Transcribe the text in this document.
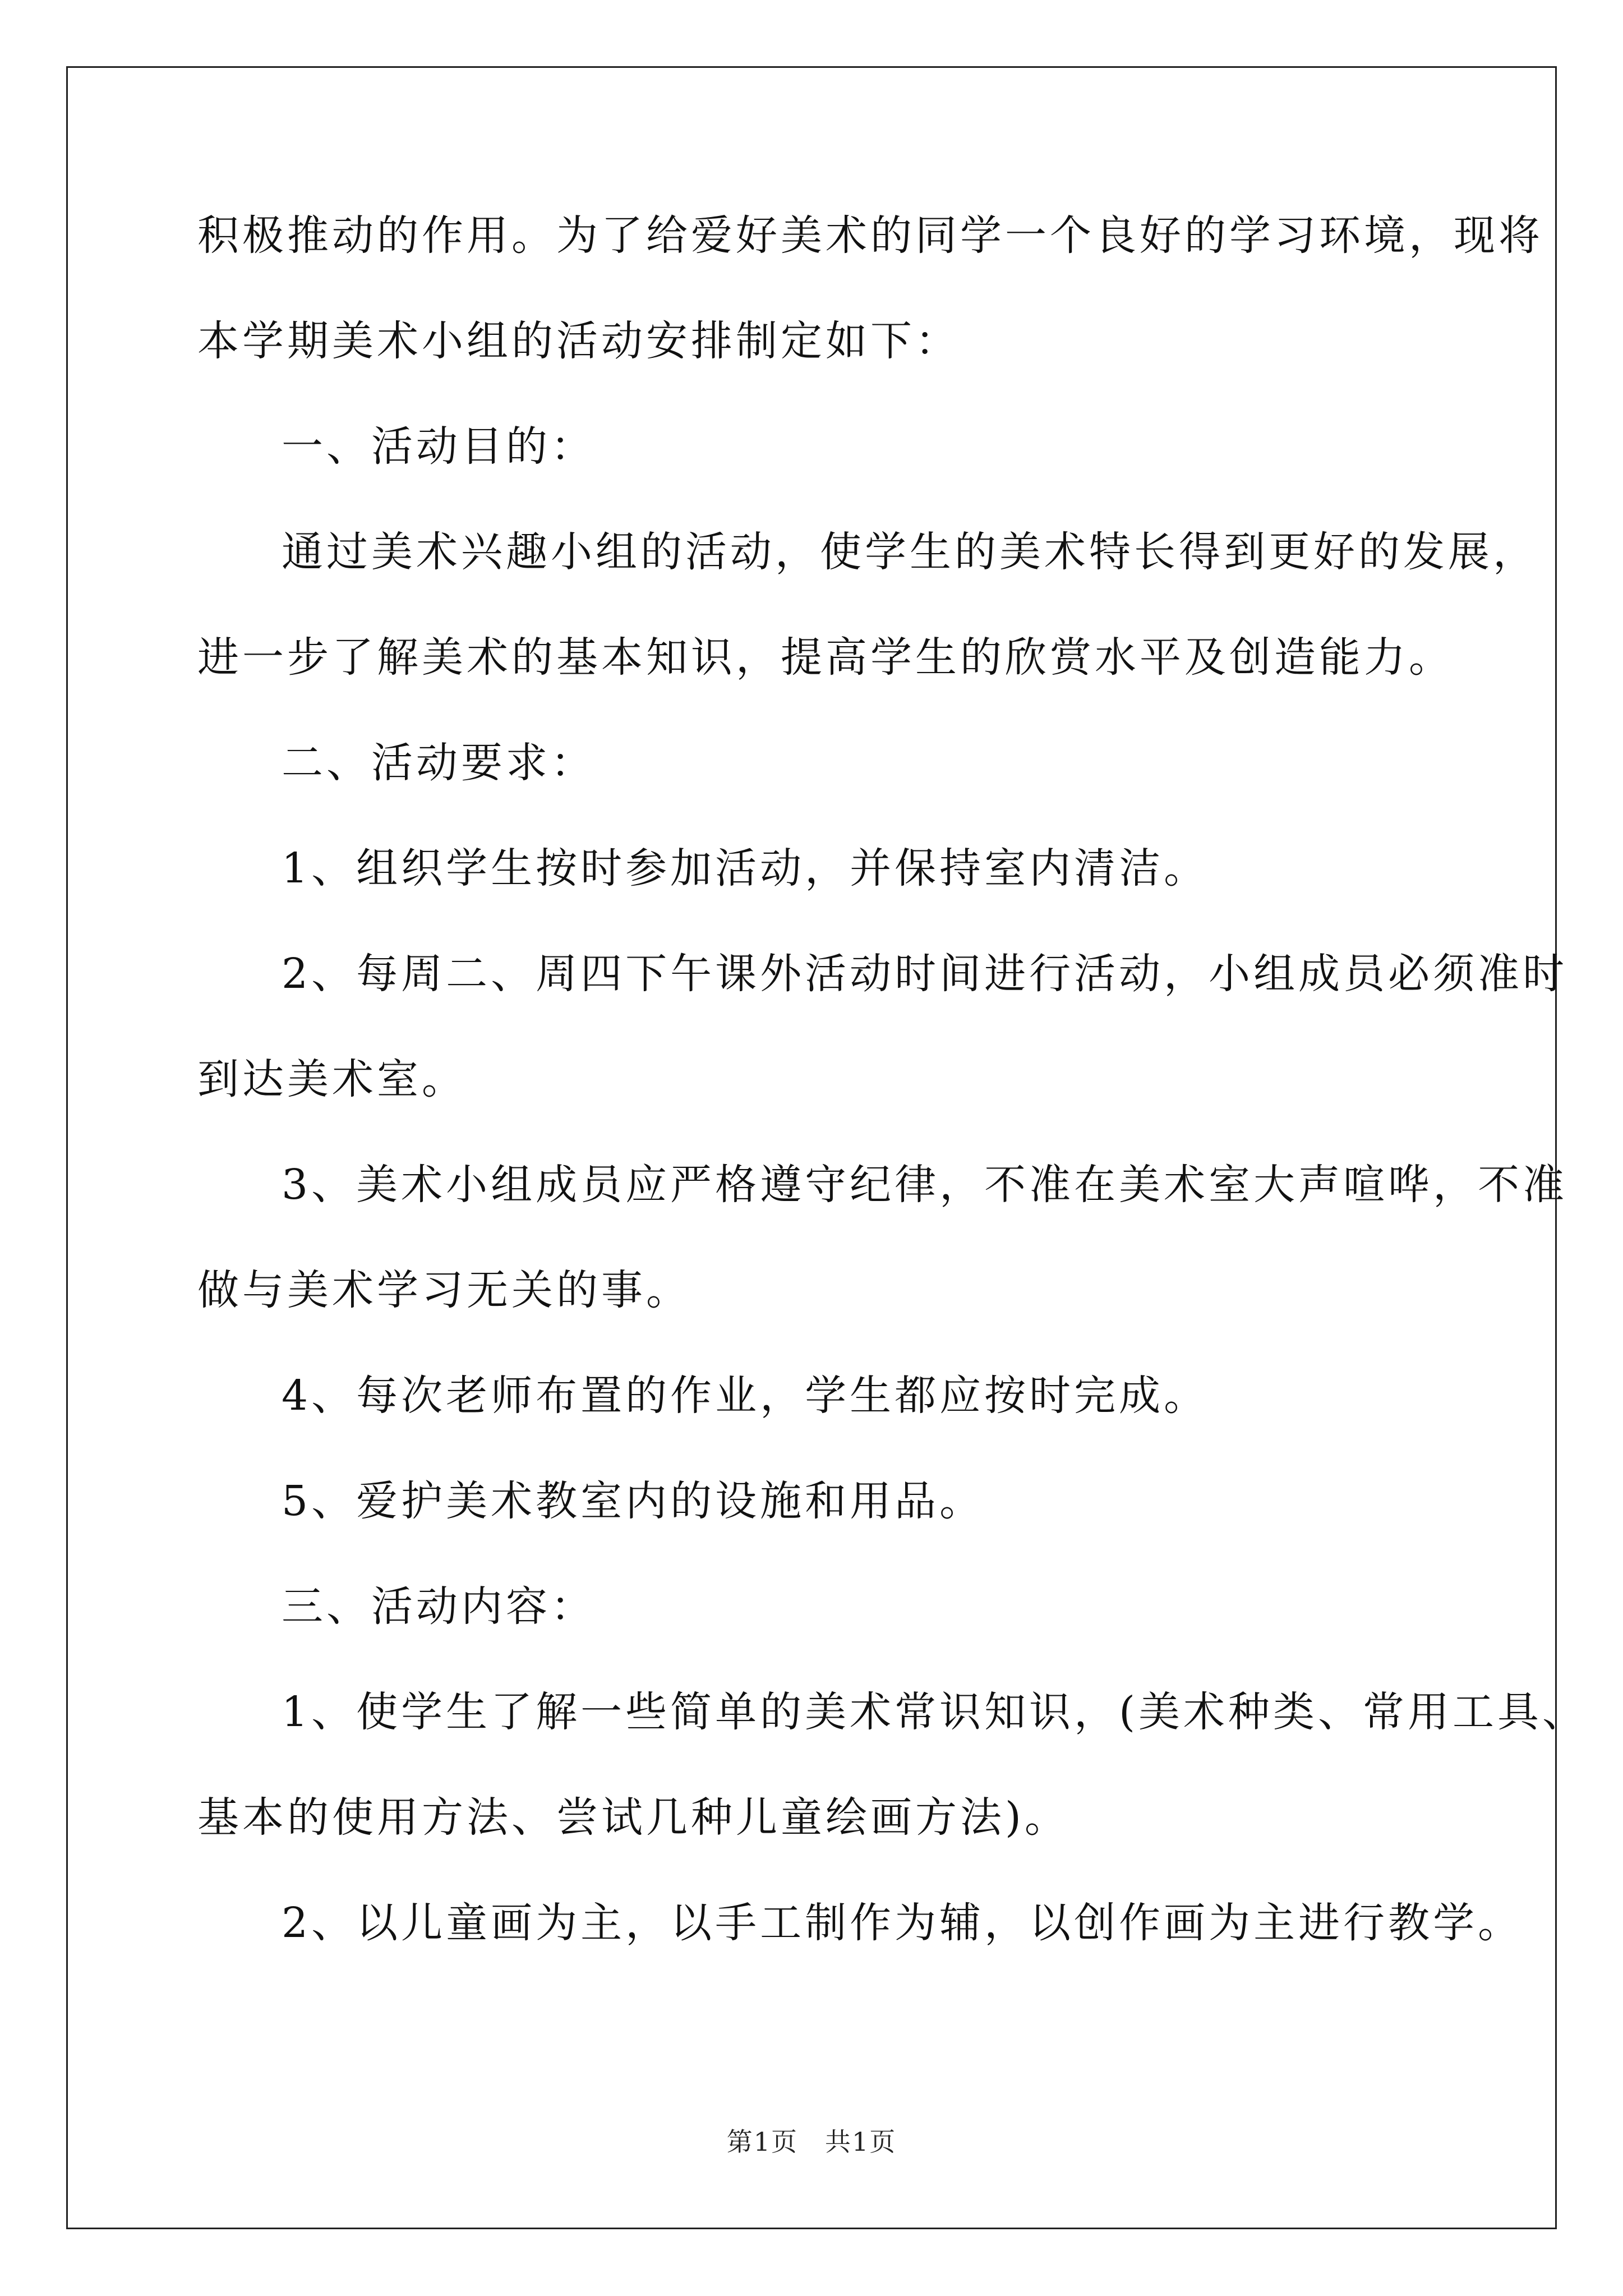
积极推动的作用。为了给爱好美术的同学一个良好的学习环境，现将
本学期美术小组的活动安排制定如下：
一、活动目的：
通过美术兴趣小组的活动，使学生的美术特长得到更好的发展，
进一步了解美术的基本知识，提高学生的欣赏水平及创造能力。
二、活动要求：
1、组织学生按时参加活动，并保持室内清洁。
2、每周二、周四下午课外活动时间进行活动，小组成员必须准时
到达美术室。
3、美术小组成员应严格遵守纪律，不准在美术室大声喧哗，不准
做与美术学习无关的事。
4、每次老师布置的作业，学生都应按时完成。
5、爱护美术教室内的设施和用品。
三、活动内容：
1、使学生了解一些简单的美术常识知识，(美术种类、常用工具、
基本的使用方法、尝试几种儿童绘画方法)。
2、以儿童画为主，以手工制作为辅，以创作画为主进行教学。
第1页　共1页
